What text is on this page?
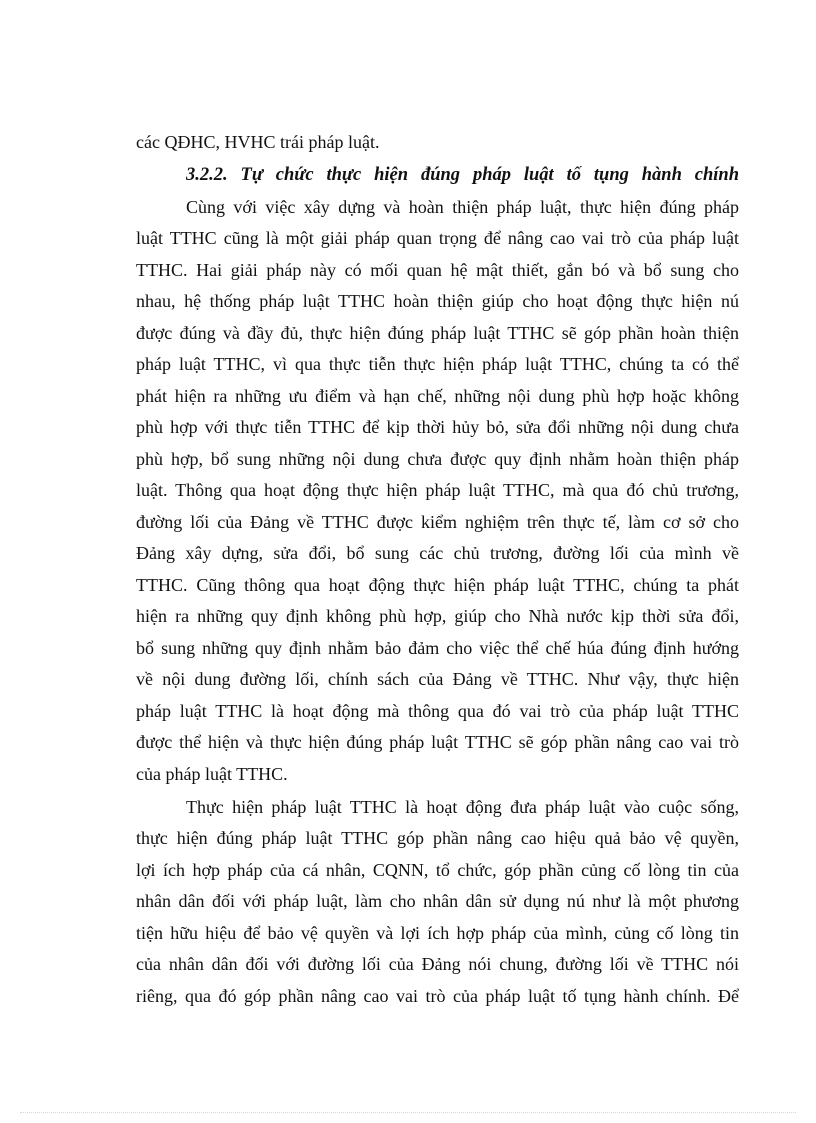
các QĐHC, HVHC trái pháp luật.
3.2.2. Tự chức thực hiện đúng pháp luật tố tụng hành chính
Cùng với việc xây dựng và hoàn thiện pháp luật, thực hiện đúng pháp
luật TTHC cũng là một giải pháp quan trọng để nâng cao vai trò của pháp luật
TTHC. Hai giải pháp này có mối quan hệ mật thiết, gắn bó và bổ sung cho
nhau, hệ thống pháp luật TTHC hoàn thiện giúp cho hoạt động thực hiện nú
được đúng và đầy đủ, thực hiện đúng pháp luật TTHC sẽ góp phần hoàn thiện
pháp luật TTHC, vì qua thực tiễn thực hiện pháp luật TTHC, chúng ta có thể
phát hiện ra những ưu điểm và hạn chế, những nội dung phù hợp hoặc không
phù hợp với thực tiễn TTHC để kịp thời hủy bỏ, sửa đổi những nội dung chưa
phù hợp, bổ sung những nội dung chưa được quy định nhằm hoàn thiện pháp
luật. Thông qua hoạt động thực hiện pháp luật TTHC, mà qua đó chủ trương,
đường lối của Đảng về TTHC được kiểm nghiệm trên thực tế, làm cơ sở cho
Đảng xây dựng, sửa đổi, bổ sung các chủ trương, đường lối của mình về
TTHC. Cũng thông qua hoạt động thực hiện pháp luật TTHC, chúng ta phát
hiện ra những quy định không phù hợp, giúp cho Nhà nước kịp thời sửa đổi,
bổ sung những quy định nhằm bảo đảm cho việc thể chế húa đúng định hướng
về nội dung đường lối, chính sách của Đảng về TTHC. Như vậy, thực hiện
pháp luật TTHC là hoạt động mà thông qua đó vai trò của pháp luật TTHC
được thể hiện và thực hiện đúng pháp luật TTHC sẽ góp phần nâng cao vai trò
của pháp luật TTHC.
Thực hiện pháp luật TTHC là hoạt động đưa pháp luật vào cuộc sống,
thực hiện đúng pháp luật TTHC góp phần nâng cao hiệu quả bảo vệ quyền,
lợi ích hợp pháp của cá nhân, CQNN, tổ chức, góp phần củng cố lòng tin của
nhân dân đối với pháp luật, làm cho nhân dân sử dụng nú như là một phương
tiện hữu hiệu để bảo vệ quyền và lợi ích hợp pháp của mình, củng cố lòng tin
của nhân dân đối với đường lối của Đảng nói chung, đường lối về TTHC nói
riêng, qua đó góp phần nâng cao vai trò của pháp luật tố tụng hành chính. Để
